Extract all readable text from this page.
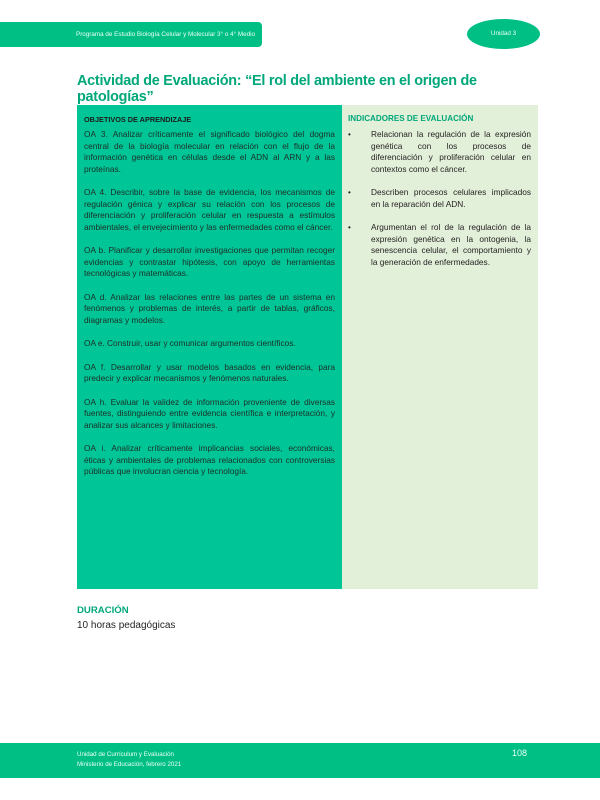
Programa de Estudio Biología Celular y Molecular 3° o 4° Medio	Unidad 3
Actividad de Evaluación: “El rol del ambiente en el origen de patologías”
OBJETIVOS DE APRENDIZAJE

OA 3. Analizar críticamente el significado biológico del dogma central de la biología molecular en relación con el flujo de la información genética en células desde el ADN al ARN y a las proteínas.

OA 4. Describir, sobre la base de evidencia, los mecanismos de regulación génica y explicar su relación con los procesos de diferenciación y proliferación celular en respuesta a estímulos ambientales, el envejecimiento y las enfermedades como el cáncer.

OA b. Planificar y desarrollar investigaciones que permitan recoger evidencias y contrastar hipótesis, con apoyo de herramientas tecnológicas y matemáticas.

OA d. Analizar las relaciones entre las partes de un sistema en fenómenos y problemas de interés, a partir de tablas, gráficos, diagramas y modelos.

OA e. Construir, usar y comunicar argumentos científicos.

OA f. Desarrollar y usar modelos basados en evidencia, para predecir y explicar mecanismos y fenómenos naturales.

OA h. Evaluar la validez de información proveniente de diversas fuentes, distinguiendo entre evidencia científica e interpretación, y analizar sus alcances y limitaciones.

OA i. Analizar críticamente implicancias sociales, económicas, éticas y ambientales de problemas relacionados con controversias públicas que involucran ciencia y tecnología.

INDICADORES DE EVALUACIÓN
•	Relacionan la regulación de la expresión genética con los procesos de diferenciación y proliferación celular en contextos como el cáncer.
•	Describen procesos celulares implicados en la reparación del ADN.
•	Argumentan el rol de la regulación de la expresión genética en la ontogenia, la senescencia celular, el comportamiento y la generación de enfermedades.
DURACIÓN
10 horas pedagógicas
Unidad de Currículum y Evaluación
Ministerio de Educación, febrero 2021
108
